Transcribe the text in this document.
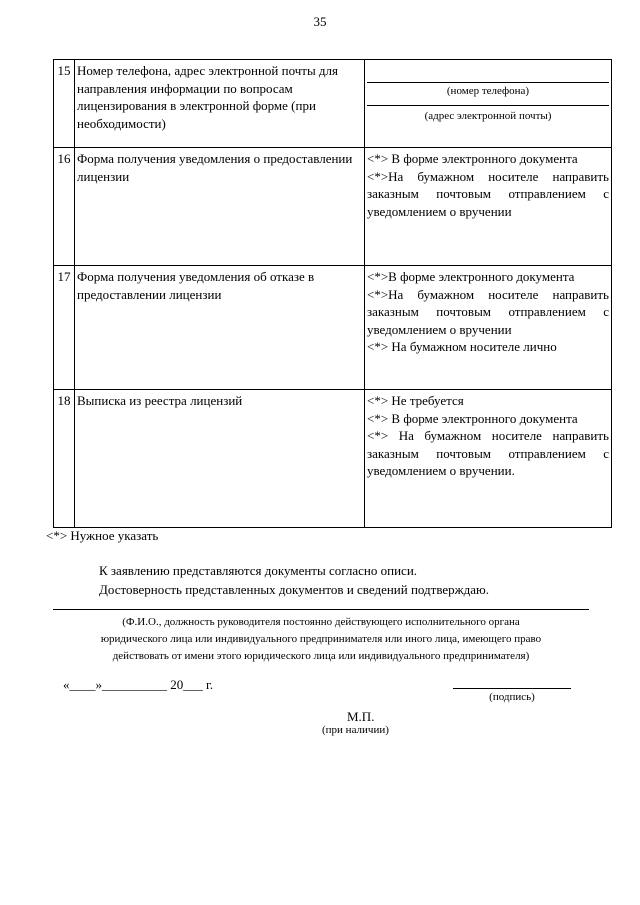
35
15	Номер телефона, адрес электронной почты для направления информации по вопросам лицензирования в электронной форме (при необходимости)	(номер телефона)
(адрес электронной почты)

16	Форма получения уведомления о предоставлении лицензии	<*> В форме электронного документа
<*>На бумажном носителе направить заказным почтовым отправлением с уведомлением о вручении

17	Форма получения уведомления об отказе в предоставлении лицензии	<*>В форме электронного документа
<*>На бумажном носителе направить заказным почтовым отправлением с уведомлением о вручении
<*> На бумажном носителе лично

18	Выписка из реестра лицензий	<*> Не требуется
<*> В форме электронного документа
<*> На бумажном носителе направить заказным почтовым отправлением с уведомлением о вручении.
<*> Нужное указать
К заявлению представляются документы согласно описи.
Достоверность представленных документов и сведений подтверждаю.
(Ф.И.О., должность руководителя постоянно действующего исполнительного органа
юридического лица или индивидуального предпринимателя или иного лица, имеющего право
действовать от имени этого юридического лица или индивидуального предпринимателя)
«____»__________ 20___ г.
(подпись)
М.П.
(при наличии)
